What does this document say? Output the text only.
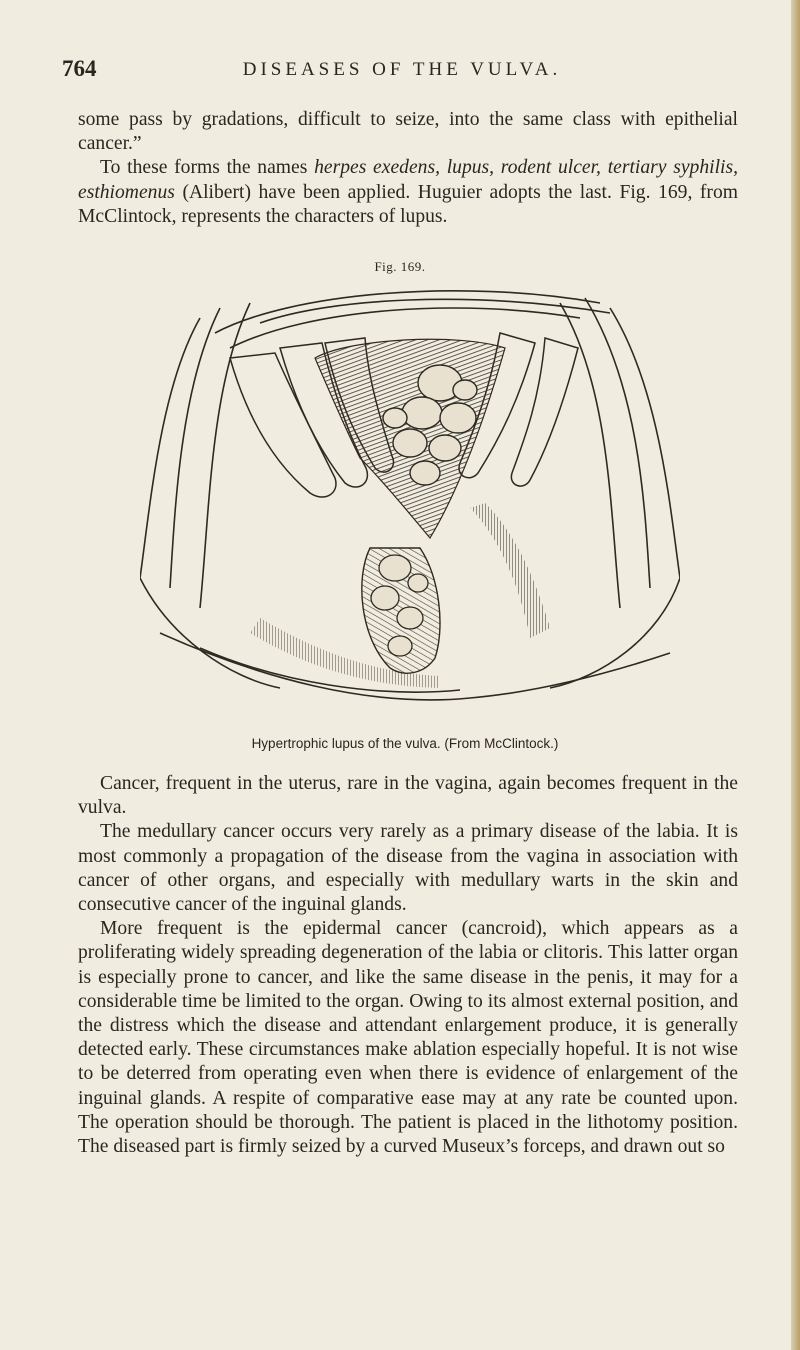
764	DISEASES OF THE VULVA.

some pass by gradations, difficult to seize, into the same class with epithelial cancer.”

To these forms the names herpes exedens, lupus, rodent ulcer, tertiary syphilis, esthiomenus (Alibert) have been applied. Huguier adopts the last. Fig. 169, from McClintock, represents the characters of lupus.

Fig. 169.
Hypertrophic lupus of the vulva. (From McClintock.)

Cancer, frequent in the uterus, rare in the vagina, again becomes frequent in the vulva.

The medullary cancer occurs very rarely as a primary disease of the labia. It is most commonly a propagation of the disease from the vagina in association with cancer of other organs, and especially with medullary warts in the skin and consecutive cancer of the inguinal glands.

More frequent is the epidermal cancer (cancroid), which appears as a proliferating widely spreading degeneration of the labia or clitoris. This latter organ is especially prone to cancer, and like the same disease in the penis, it may for a considerable time be limited to the organ. Owing to its almost external position, and the distress which the disease and attendant enlargement produce, it is generally detected early. These circumstances make ablation especially hopeful. It is not wise to be deterred from operating even when there is evidence of enlargement of the inguinal glands. A respite of comparative ease may at any rate be counted upon. The operation should be thorough. The patient is placed in the lithotomy position. The diseased part is firmly seized by a curved Museux’s forceps, and drawn out so
